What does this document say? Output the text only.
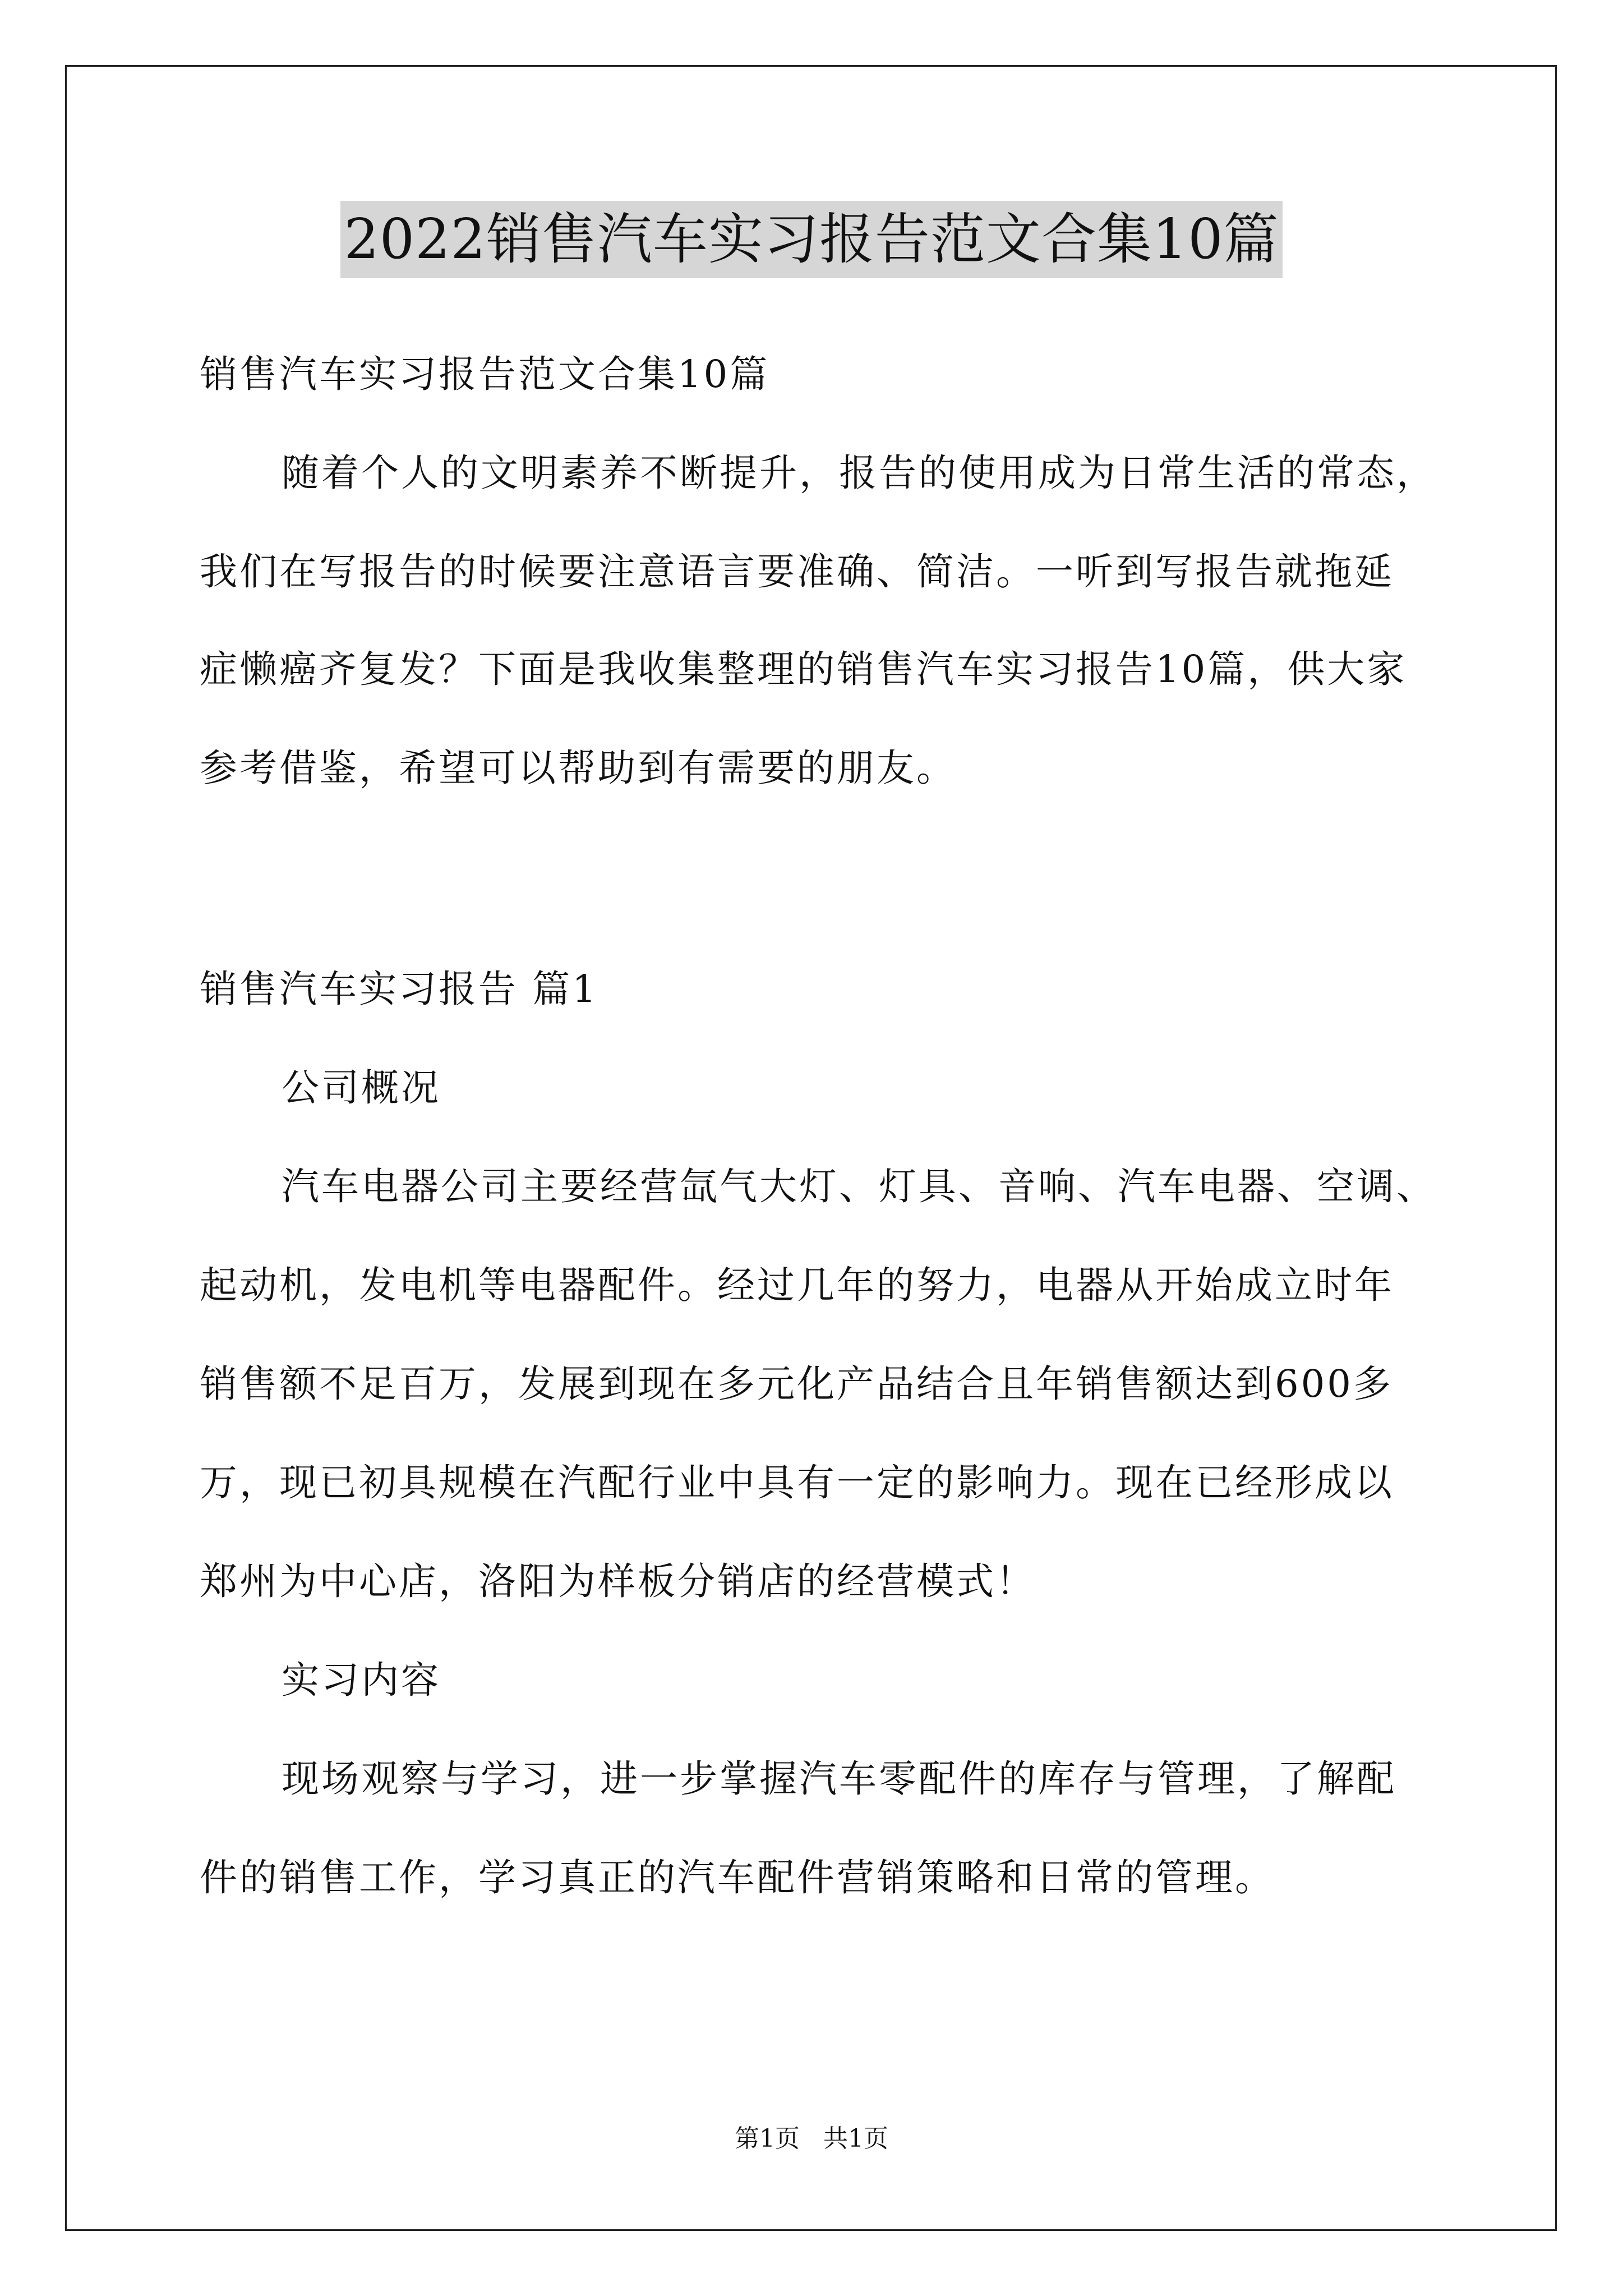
2022销售汽车实习报告范文合集10篇
销售汽车实习报告范文合集10篇
随着个人的文明素养不断提升，报告的使用成为日常生活的常态，
我们在写报告的时候要注意语言要准确、简洁。一听到写报告就拖延
症懒癌齐复发？下面是我收集整理的销售汽车实习报告10篇，供大家
参考借鉴，希望可以帮助到有需要的朋友。
销售汽车实习报告 篇1
公司概况
汽车电器公司主要经营氙气大灯、灯具、音响、汽车电器、空调、
起动机，发电机等电器配件。经过几年的努力，电器从开始成立时年
销售额不足百万，发展到现在多元化产品结合且年销售额达到600多
万，现已初具规模在汽配行业中具有一定的影响力。现在已经形成以
郑州为中心店，洛阳为样板分销店的经营模式！
实习内容
现场观察与学习，进一步掌握汽车零配件的库存与管理，了解配
件的销售工作，学习真正的汽车配件营销策略和日常的管理。
第1页 共1页
